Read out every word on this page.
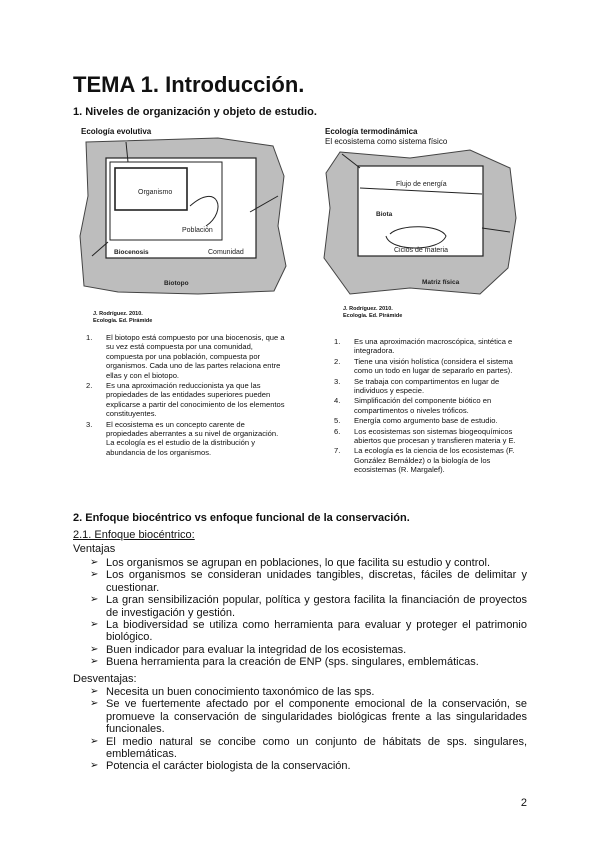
TEMA 1. Introducción.
1. Niveles de organización y objeto de estudio.
Ecología evolutiva
Organismo
Población
Biocenosis	Comunidad
Biotopo
J. Rodríguez. 2010.
Ecología. Ed. Pirámide
1. El biotopo está compuesto por una biocenosis, que a su vez está compuesta por una comunidad, compuesta por una población, compuesta por organismos. Cada uno de las partes relaciona entre ellas y con el biotopo.
2. Es una aproximación reduccionista ya que las propiedades de las entidades superiores pueden explicarse a partir del conocimiento de los elementos constituyentes.
3. El ecosistema es un concepto carente de propiedades aberrantes a su nivel de organización. La ecología es el estudio de la distribución y abundancia de los organismos.
Ecología termodinámica
El ecosistema como sistema físico
Flujo de energía
Biota
Ciclos de materia
Matriz física
J. Rodríguez. 2010.
Ecología. Ed. Pirámide
1. Es una aproximación macroscópica, sintética e integradora.
2. Tiene una visión holística (considera el sistema como un todo en lugar de separarlo en partes).
3. Se trabaja con compartimentos en lugar de individuos y especie.
4. Simplificación del componente biótico en compartimentos o niveles tróficos.
5. Energía como argumento base de estudio.
6. Los ecosistemas son sistemas biogeoquímicos abiertos que procesan y transfieren materia y E.
7. La ecología es la ciencia de los ecosistemas (F. González Bernáldez) o la biología de los ecosistemas (R. Margalef).
2. Enfoque biocéntrico vs enfoque funcional de la conservación.
2.1. Enfoque biocéntrico:
Ventajas
➢ Los organismos se agrupan en poblaciones, lo que facilita su estudio y control.
➢ Los organismos se consideran unidades tangibles, discretas, fáciles de delimitar y cuestionar.
➢ La gran sensibilización popular, política y gestora facilita la financiación de proyectos de investigación y gestión.
➢ La biodiversidad se utiliza como herramienta para evaluar y proteger el patrimonio biológico.
➢ Buen indicador para evaluar la integridad de los ecosistemas.
➢ Buena herramienta para la creación de ENP (sps. singulares, emblemáticas.
Desventajas:
➢ Necesita un buen conocimiento taxonómico de las sps.
➢ Se ve fuertemente afectado por el componente emocional de la conservación, se promueve la conservación de singularidades biológicas frente a las singularidades funcionales.
➢ El medio natural se concibe como un conjunto de hábitats de sps. singulares, emblemáticas.
➢ Potencia el carácter biologista de la conservación.
2
